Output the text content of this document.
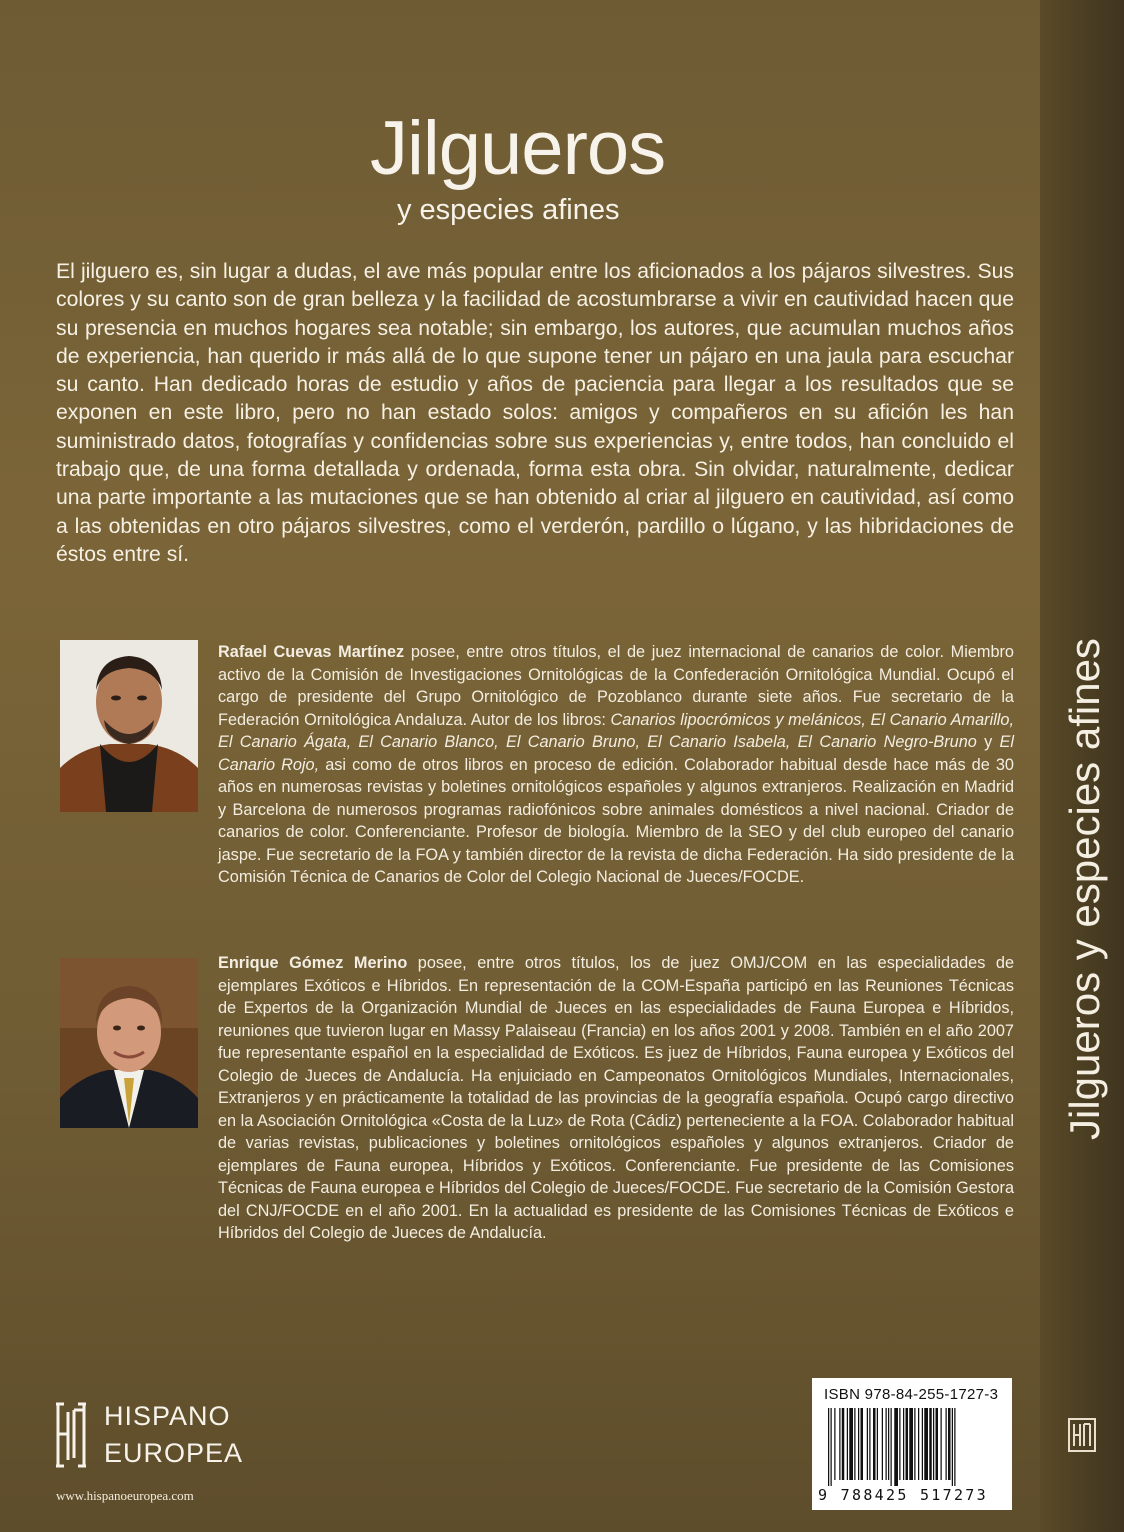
Jilgueros y especies afines
Jilgueros
y especies afines

El jilguero es, sin lugar a dudas, el ave más popular entre los aficionados a los pájaros silvestres. Sus colores y su canto son de gran belleza y la facilidad de acostumbrarse a vivir en cautividad hacen que su presencia en muchos hogares sea notable; sin embargo, los autores, que acumulan muchos años de experiencia, han querido ir más allá de lo que supone tener un pájaro en una jaula para escuchar su canto. Han dedicado horas de estudio y años de paciencia para llegar a los resultados que se exponen en este libro, pero no han estado solos: amigos y compañeros en su afición les han suministrado datos, fotografías y confidencias sobre sus experiencias y, entre todos, han concluido el trabajo que, de una forma detallada y ordenada, forma esta obra. Sin olvidar, naturalmente, dedicar una parte importante a las mutaciones que se han obtenido al criar al jilguero en cautividad, así como a las obtenidas en otro pájaros silvestres, como el verderón, pardillo o lúgano, y las hibridaciones de éstos entre sí.

Rafael Cuevas Martínez posee, entre otros títulos, el de juez internacional de canarios de color. Miembro activo de la Comisión de Investigaciones Ornitológicas de la Confederación Ornitológica Mundial. Ocupó el cargo de presidente del Grupo Ornitológico de Pozoblanco durante siete años. Fue secretario de la Federación Ornitológica Andaluza. Autor de los libros: Canarios lipocrómicos y melánicos, El Canario Amarillo, El Canario Ágata, El Canario Blanco, El Canario Bruno, El Canario Isabela, El Canario Negro-Bruno y El Canario Rojo, asi como de otros libros en proceso de edición. Colaborador habitual desde hace más de 30 años en numerosas revistas y boletines ornitológicos españoles y algunos extranjeros. Realización en Madrid y Barcelona de numerosos programas radiofónicos sobre animales domésticos a nivel nacional. Criador de canarios de color. Conferenciante. Profesor de biología. Miembro de la SEO y del club europeo del canario jaspe. Fue secretario de la FOA y también director de la revista de dicha Federación. Ha sido presidente de la Comisión Técnica de Canarios de Color del Colegio Nacional de Jueces/FOCDE.

Enrique Gómez Merino posee, entre otros títulos, los de juez OMJ/COM en las especialidades de ejemplares Exóticos e Híbridos. En representación de la COM-España participó en las Reuniones Técnicas de Expertos de la Organización Mundial de Jueces en las especialidades de Fauna Europea e Híbridos, reuniones que tuvieron lugar en Massy Palaiseau (Francia) en los años 2001 y 2008. También en el año 2007 fue representante español en la especialidad de Exóticos. Es juez de Híbridos, Fauna europea y Exóticos del Colegio de Jueces de Andalucía. Ha enjuiciado en Campeonatos Ornitológicos Mundiales, Internacionales, Extranjeros y en prácticamente la totalidad de las provincias de la geografía española. Ocupó cargo directivo en la Asociación Ornitológica «Costa de la Luz» de Rota (Cádiz) perteneciente a la FOA. Colaborador habitual de varias revistas, publicaciones y boletines ornitológicos españoles y algunos extranjeros. Criador de ejemplares de Fauna europea, Híbridos y Exóticos. Conferenciante. Fue presidente de las Comisiones Técnicas de Fauna europea e Híbridos del Colegio de Jueces/FOCDE. Fue secretario de la Comisión Gestora del CNJ/FOCDE en el año 2001. En la actualidad es presidente de las Comisiones Técnicas de Exóticos e Híbridos del Colegio de Jueces de Andalucía.

HISPANO
EUROPEA
www.hispanoeuropea.com
ISBN 978-84-255-1727-3
9 788425 517273
